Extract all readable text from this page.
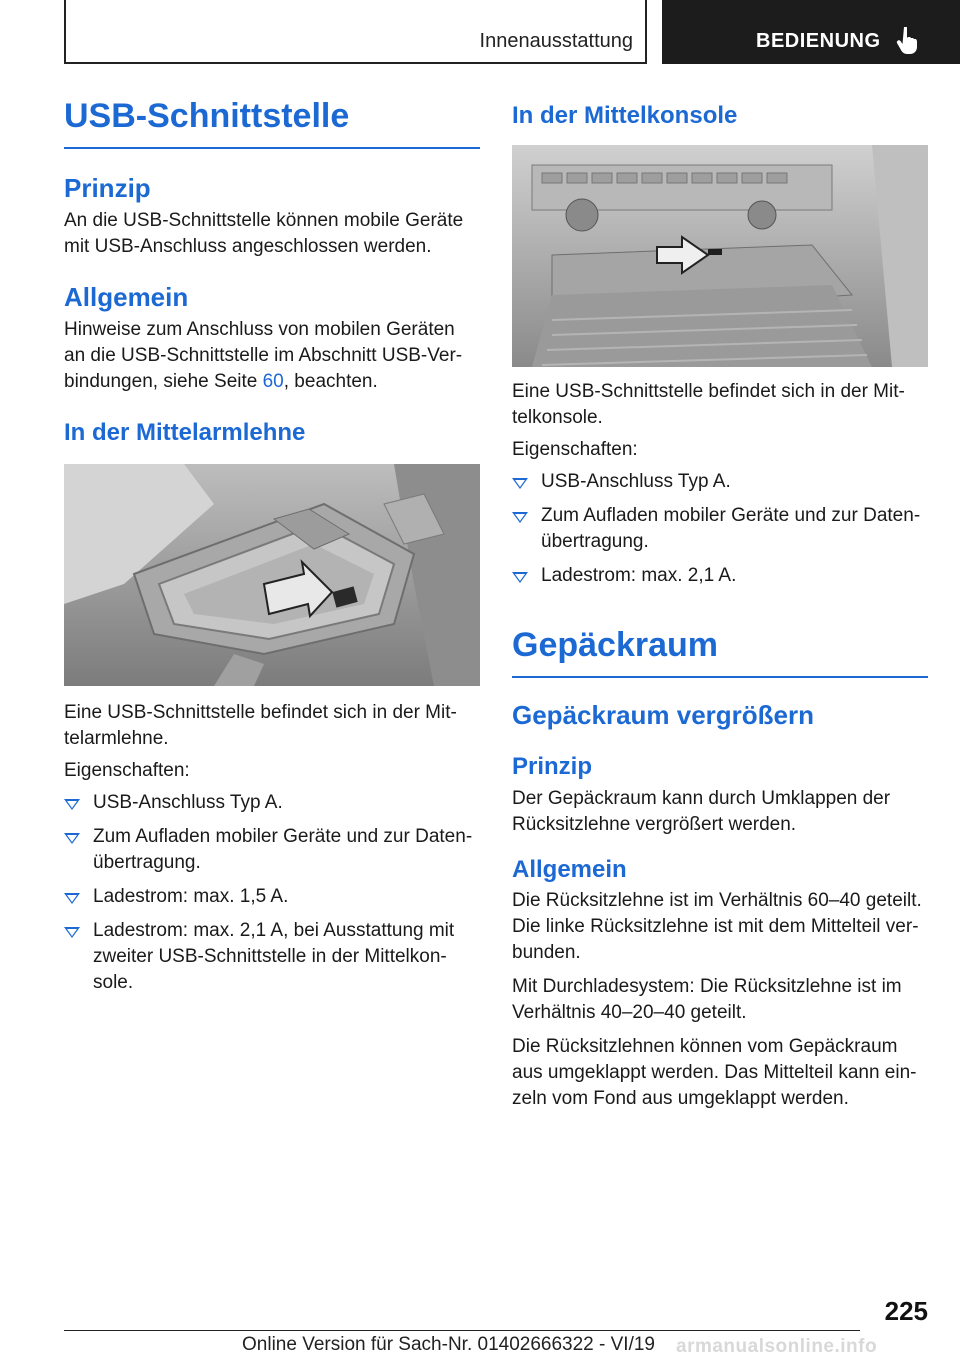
Innenausstattung	BEDIENUNG
USB-Schnittstelle
Prinzip

An die USB-Schnittstelle können mobile Geräte mit USB-Anschluss angeschlossen werden.

Allgemein

Hinweise zum Anschluss von mobilen Geräten an die USB-Schnittstelle im Abschnitt USB-Verbindungen, siehe Seite 60, beachten.

In der Mittelarmlehne

Eine USB-Schnittstelle befindet sich in der Mittelarmlehne.

Eigenschaften:

USB-Anschluss Typ A.
Zum Aufladen mobiler Geräte und zur Datenübertragung.
Ladestrom: max. 1,5 A.
Ladestrom: max. 2,1 A, bei Ausstattung mit zweiter USB-Schnittstelle in der Mittelkonsole.
In der Mittelkonsole

Eine USB-Schnittstelle befindet sich in der Mittelkonsole.

Eigenschaften:

USB-Anschluss Typ A.
Zum Aufladen mobiler Geräte und zur Datenübertragung.
Ladestrom: max. 2,1 A.
Gepäckraum
Gepäckraum vergrößern
Prinzip

Der Gepäckraum kann durch Umklappen der Rücksitzlehne vergrößert werden.

Allgemein

Die Rücksitzlehne ist im Verhältnis 60–40 geteilt. Die linke Rücksitzlehne ist mit dem Mittelteil verbunden.

Mit Durchladesystem: Die Rücksitzlehne ist im Verhältnis 40–20–40 geteilt.

Die Rücksitzlehnen können vom Gepäckraum aus umgeklappt werden. Das Mittelteil kann einzeln vom Fond aus umgeklappt werden.

225
Online Version für Sach-Nr. 01402666322 - VI/19 armanualsonline.info
